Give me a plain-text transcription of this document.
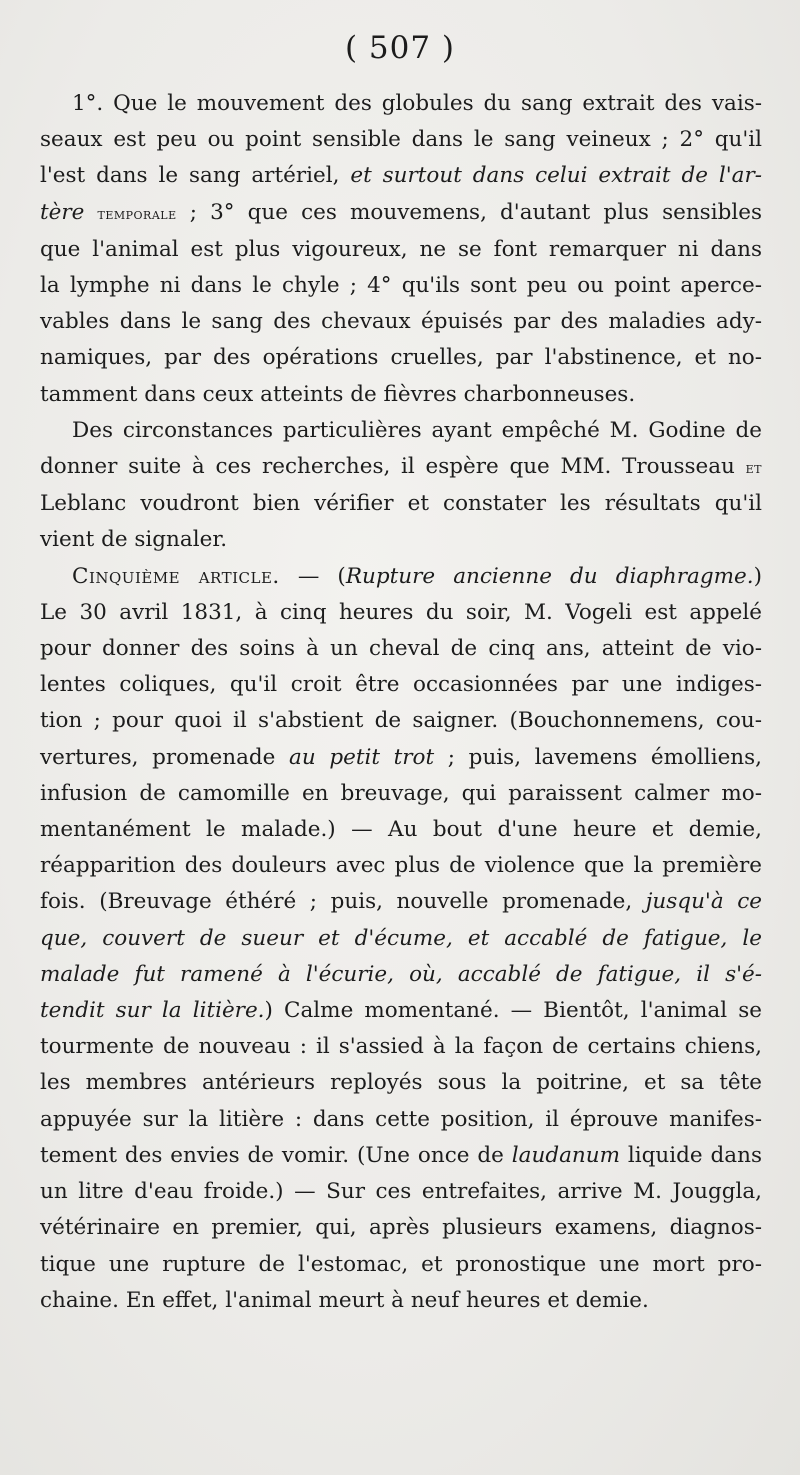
( 507 )
1°. Que le mouvement des globules du sang extrait des vais-
seaux est peu ou point sensible dans le sang veineux ; 2° qu'il
l'est dans le sang artériel, et surtout dans celui extrait de l'ar-
tère temporale ; 3° que ces mouvemens, d'autant plus sensibles
que l'animal est plus vigoureux, ne se font remarquer ni dans
la lymphe ni dans le chyle ; 4° qu'ils sont peu ou point aperce-
vables dans le sang des chevaux épuisés par des maladies ady-
namiques, par des opérations cruelles, par l'abstinence, et no-
tamment dans ceux atteints de fièvres charbonneuses.
Des circonstances particulières ayant empêché M. Godine de
donner suite à ces recherches, il espère que MM. Trousseau et
Leblanc voudront bien vérifier et constater les résultats qu'il
vient de signaler.
Cinquième article. — (Rupture ancienne du diaphragme.)
Le 30 avril 1831, à cinq heures du soir, M. Vogeli est appelé
pour donner des soins à un cheval de cinq ans, atteint de vio-
lentes coliques, qu'il croit être occasionnées par une indiges-
tion ; pour quoi il s'abstient de saigner. (Bouchonnemens, cou-
vertures, promenade au petit trot ; puis, lavemens émolliens,
infusion de camomille en breuvage, qui paraissent calmer mo-
mentanément le malade.) — Au bout d'une heure et demie,
réapparition des douleurs avec plus de violence que la première
fois. (Breuvage éthéré ; puis, nouvelle promenade, jusqu'à ce
que, couvert de sueur et d'écume, et accablé de fatigue, le
malade fut ramené à l'écurie, où, accablé de fatigue, il s'é-
tendit sur la litière.) Calme momentané. — Bientôt, l'animal se
tourmente de nouveau : il s'assied à la façon de certains chiens,
les membres antérieurs reployés sous la poitrine, et sa tête
appuyée sur la litière : dans cette position, il éprouve manifes-
tement des envies de vomir. (Une once de laudanum liquide dans
un litre d'eau froide.) — Sur ces entrefaites, arrive M. Jouggla,
vétérinaire en premier, qui, après plusieurs examens, diagnos-
tique une rupture de l'estomac, et pronostique une mort pro-
chaine. En effet, l'animal meurt à neuf heures et demie.
